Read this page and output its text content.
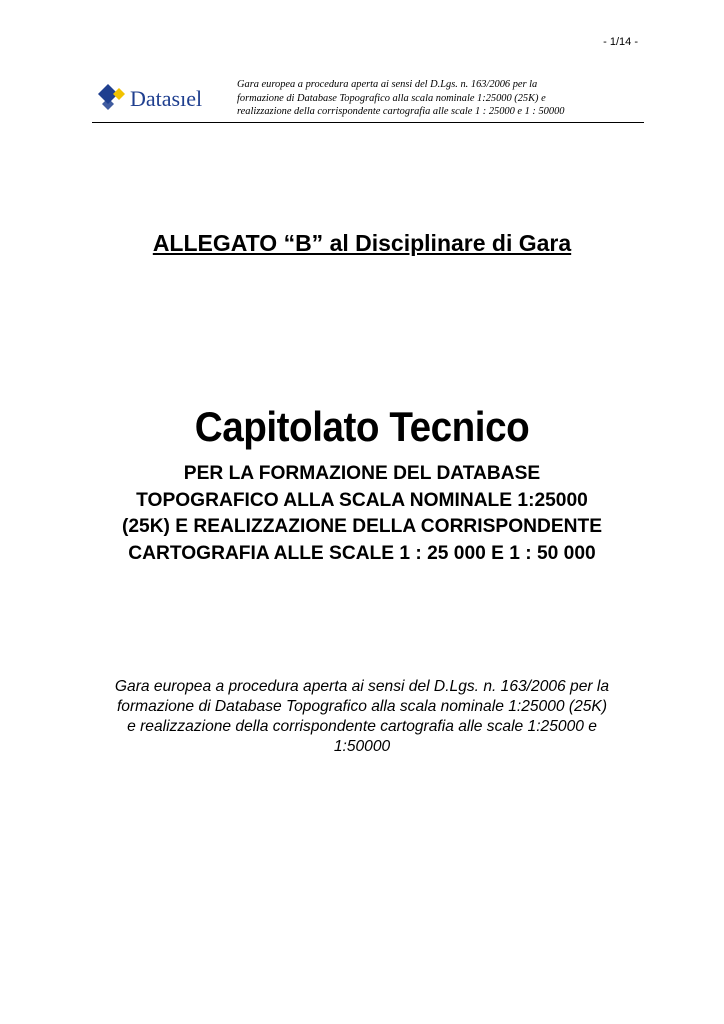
- 1/14 -
Datasıel
Gara europea a procedura aperta ai sensi del D.Lgs. n. 163/2006 per la
formazione di Database Topografico alla scala nominale 1:25000 (25K) e
realizzazione della corrispondente cartografia alle scale 1 : 25000 e 1 : 50000
ALLEGATO “B” al Disciplinare di Gara
Capitolato Tecnico
PER LA FORMAZIONE DEL DATABASE
TOPOGRAFICO ALLA SCALA NOMINALE 1:25000
(25K) E REALIZZAZIONE DELLA CORRISPONDENTE
CARTOGRAFIA ALLE SCALE 1 : 25 000 E 1 : 50 000
Gara europea a procedura aperta ai sensi del D.Lgs. n. 163/2006 per la
formazione di Database Topografico alla scala nominale 1:25000 (25K)
e realizzazione della corrispondente cartografia alle scale 1:25000 e
1:50000
